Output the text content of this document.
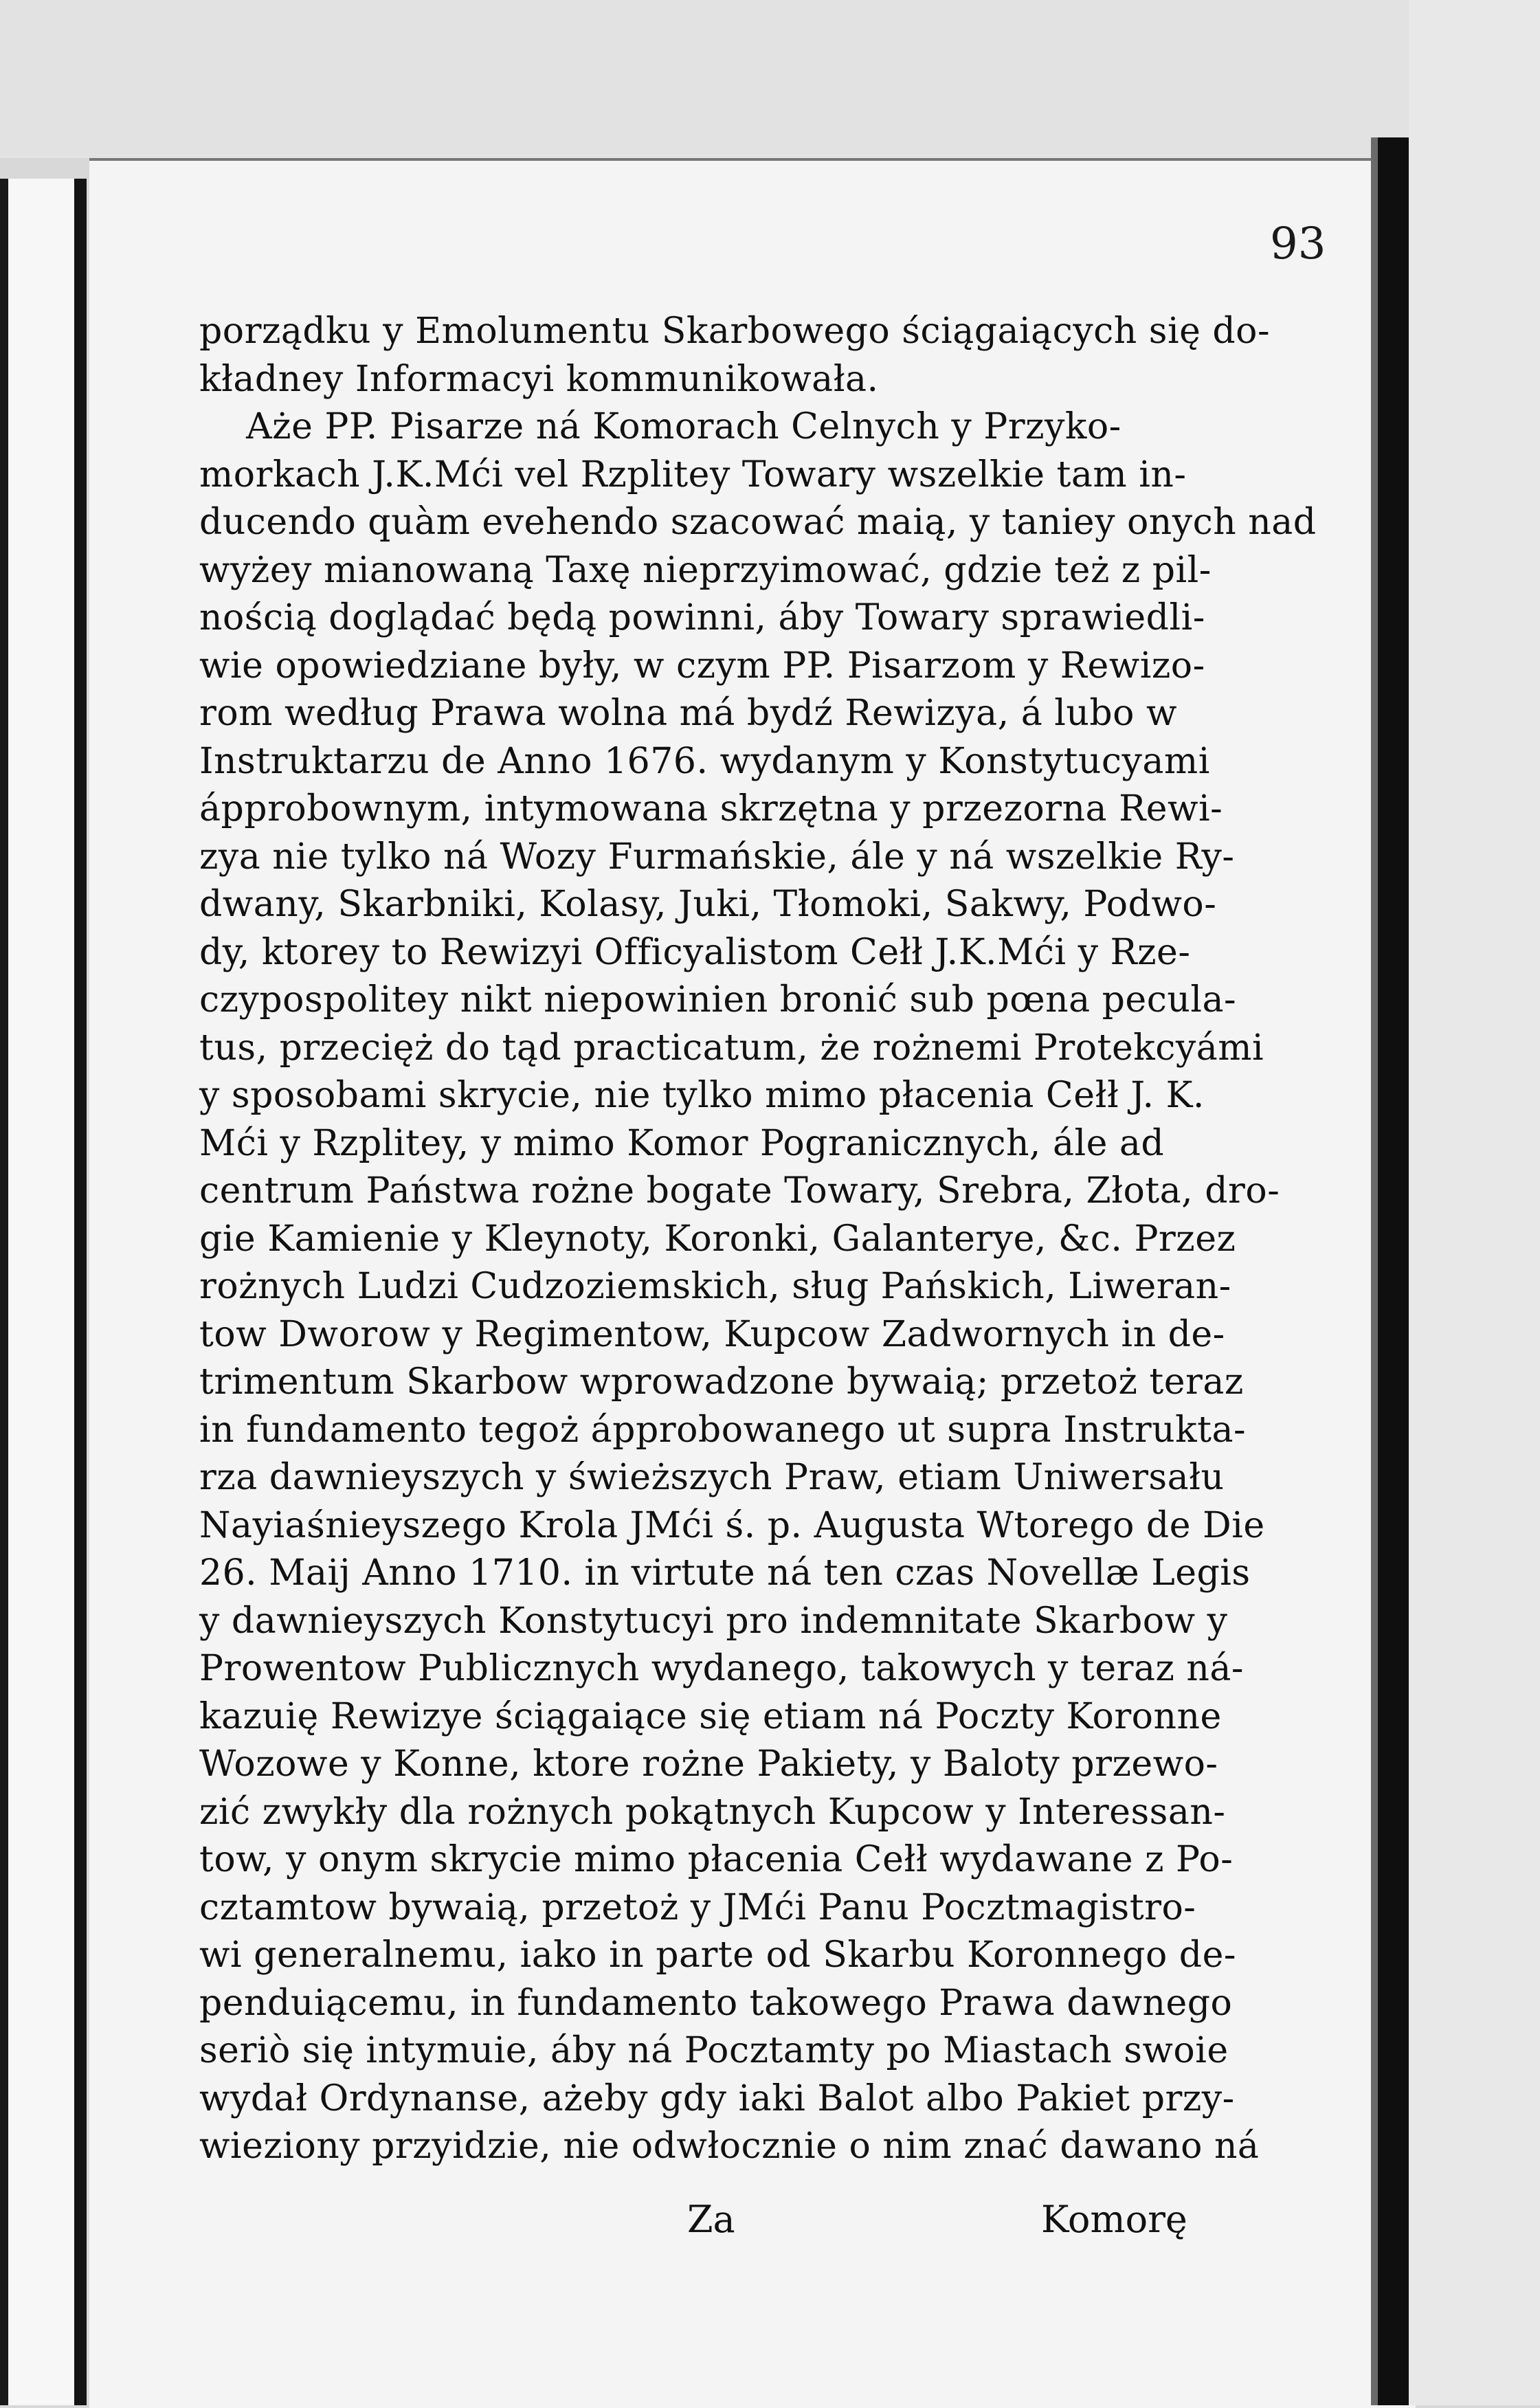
93
porządku y Emolumentu Skarbowego ściągaiących się do-
kładney Informacyi kommunikowała.
Aże PP. Pisarze ná Komorach Celnych y Przyko-
morkach J.K.Mći vel Rzplitey Towary wszelkie tam in-
ducendo quàm evehendo szacować maią, y taniey onych nad
wyżey mianowaną Taxę nieprzyimować, gdzie też z pil-
nością doglądać będą powinni, áby Towary sprawiedli-
wie opowiedziane były, w czym PP. Pisarzom y Rewizo-
rom według Prawa wolna má bydź Rewizya, á lubo w
Instruktarzu de Anno 1676. wydanym y Konstytucyami
ápprobownym, intymowana skrzętna y przezorna Rewi-
zya nie tylko ná Wozy Furmańskie, ále y ná wszelkie Ry-
dwany, Skarbniki, Kolasy, Juki, Tłomoki, Sakwy, Podwo-
dy, ktorey to Rewizyi Officyalistom Cełł J.K.Mći y Rze-
czypospolitey nikt niepowinien bronić sub pœna pecula-
tus, przecięż do tąd practicatum, że rożnemi Protekcyámi
y sposobami skrycie, nie tylko mimo płacenia Cełł J. K.
Mći y Rzplitey, y mimo Komor Pogranicznych, ále ad
centrum Państwa rożne bogate Towary, Srebra, Złota, dro-
gie Kamienie y Kleynoty, Koronki, Galanterye, &c. Przez
rożnych Ludzi Cudzoziemskich, sług Pańskich, Liweran-
tow Dworow y Regimentow, Kupcow Zadwornych in de-
trimentum Skarbow wprowadzone bywaią; przetoż teraz
in fundamento tegoż ápprobowanego ut supra Instrukta-
rza dawnieyszych y świeższych Praw, etiam Uniwersału
Nayiaśnieyszego Krola JMći ś. p. Augusta Wtorego de Die
26. Maij Anno 1710. in virtute ná ten czas Novellæ Legis
y dawnieyszych Konstytucyi pro indemnitate Skarbow y
Prowentow Publicznych wydanego, takowych y teraz ná-
kazuię Rewizye ściągaiące się etiam ná Poczty Koronne
Wozowe y Konne, ktore rożne Pakiety, y Baloty przewo-
zić zwykły dla rożnych pokątnych Kupcow y Interessan-
tow, y onym skrycie mimo płacenia Cełł wydawane z Po-
cztamtow bywaią, przetoż y JMći Panu Pocztmagistro-
wi generalnemu, iako in parte od Skarbu Koronnego de-
penduiącemu, in fundamento takowego Prawa dawnego
seriò się intymuie, áby ná Pocztamty po Miastach swoie
wydał Ordynanse, ażeby gdy iaki Balot albo Pakiet przy-
wieziony przyidzie, nie odwłocznie o nim znać dawano ná
Za	Komorę
